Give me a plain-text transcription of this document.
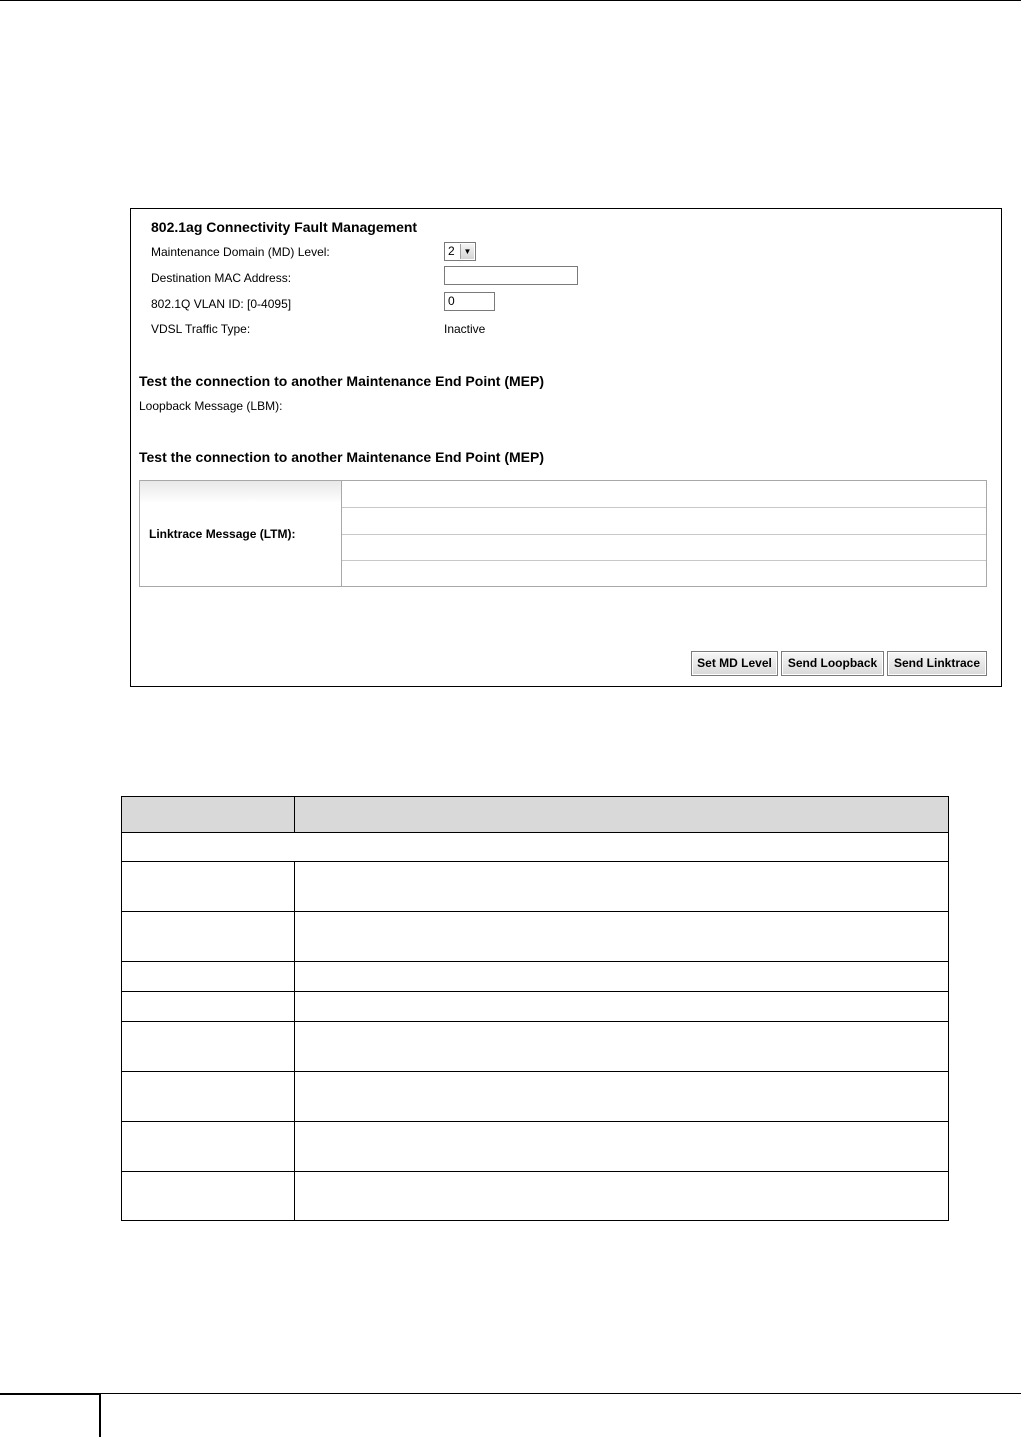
802.1ag Connectivity Fault Management
Maintenance Domain (MD) Level:	2	▼
Destination MAC Address:
802.1Q VLAN ID: [0-4095]	0
VDSL Traffic Type:	Inactive
Test the connection to another Maintenance End Point (MEP)
Loopback Message (LBM):
Test the connection to another Maintenance End Point (MEP)
Linktrace Message (LTM):
Set MD Level	Send Loopback	Send Linktrace
